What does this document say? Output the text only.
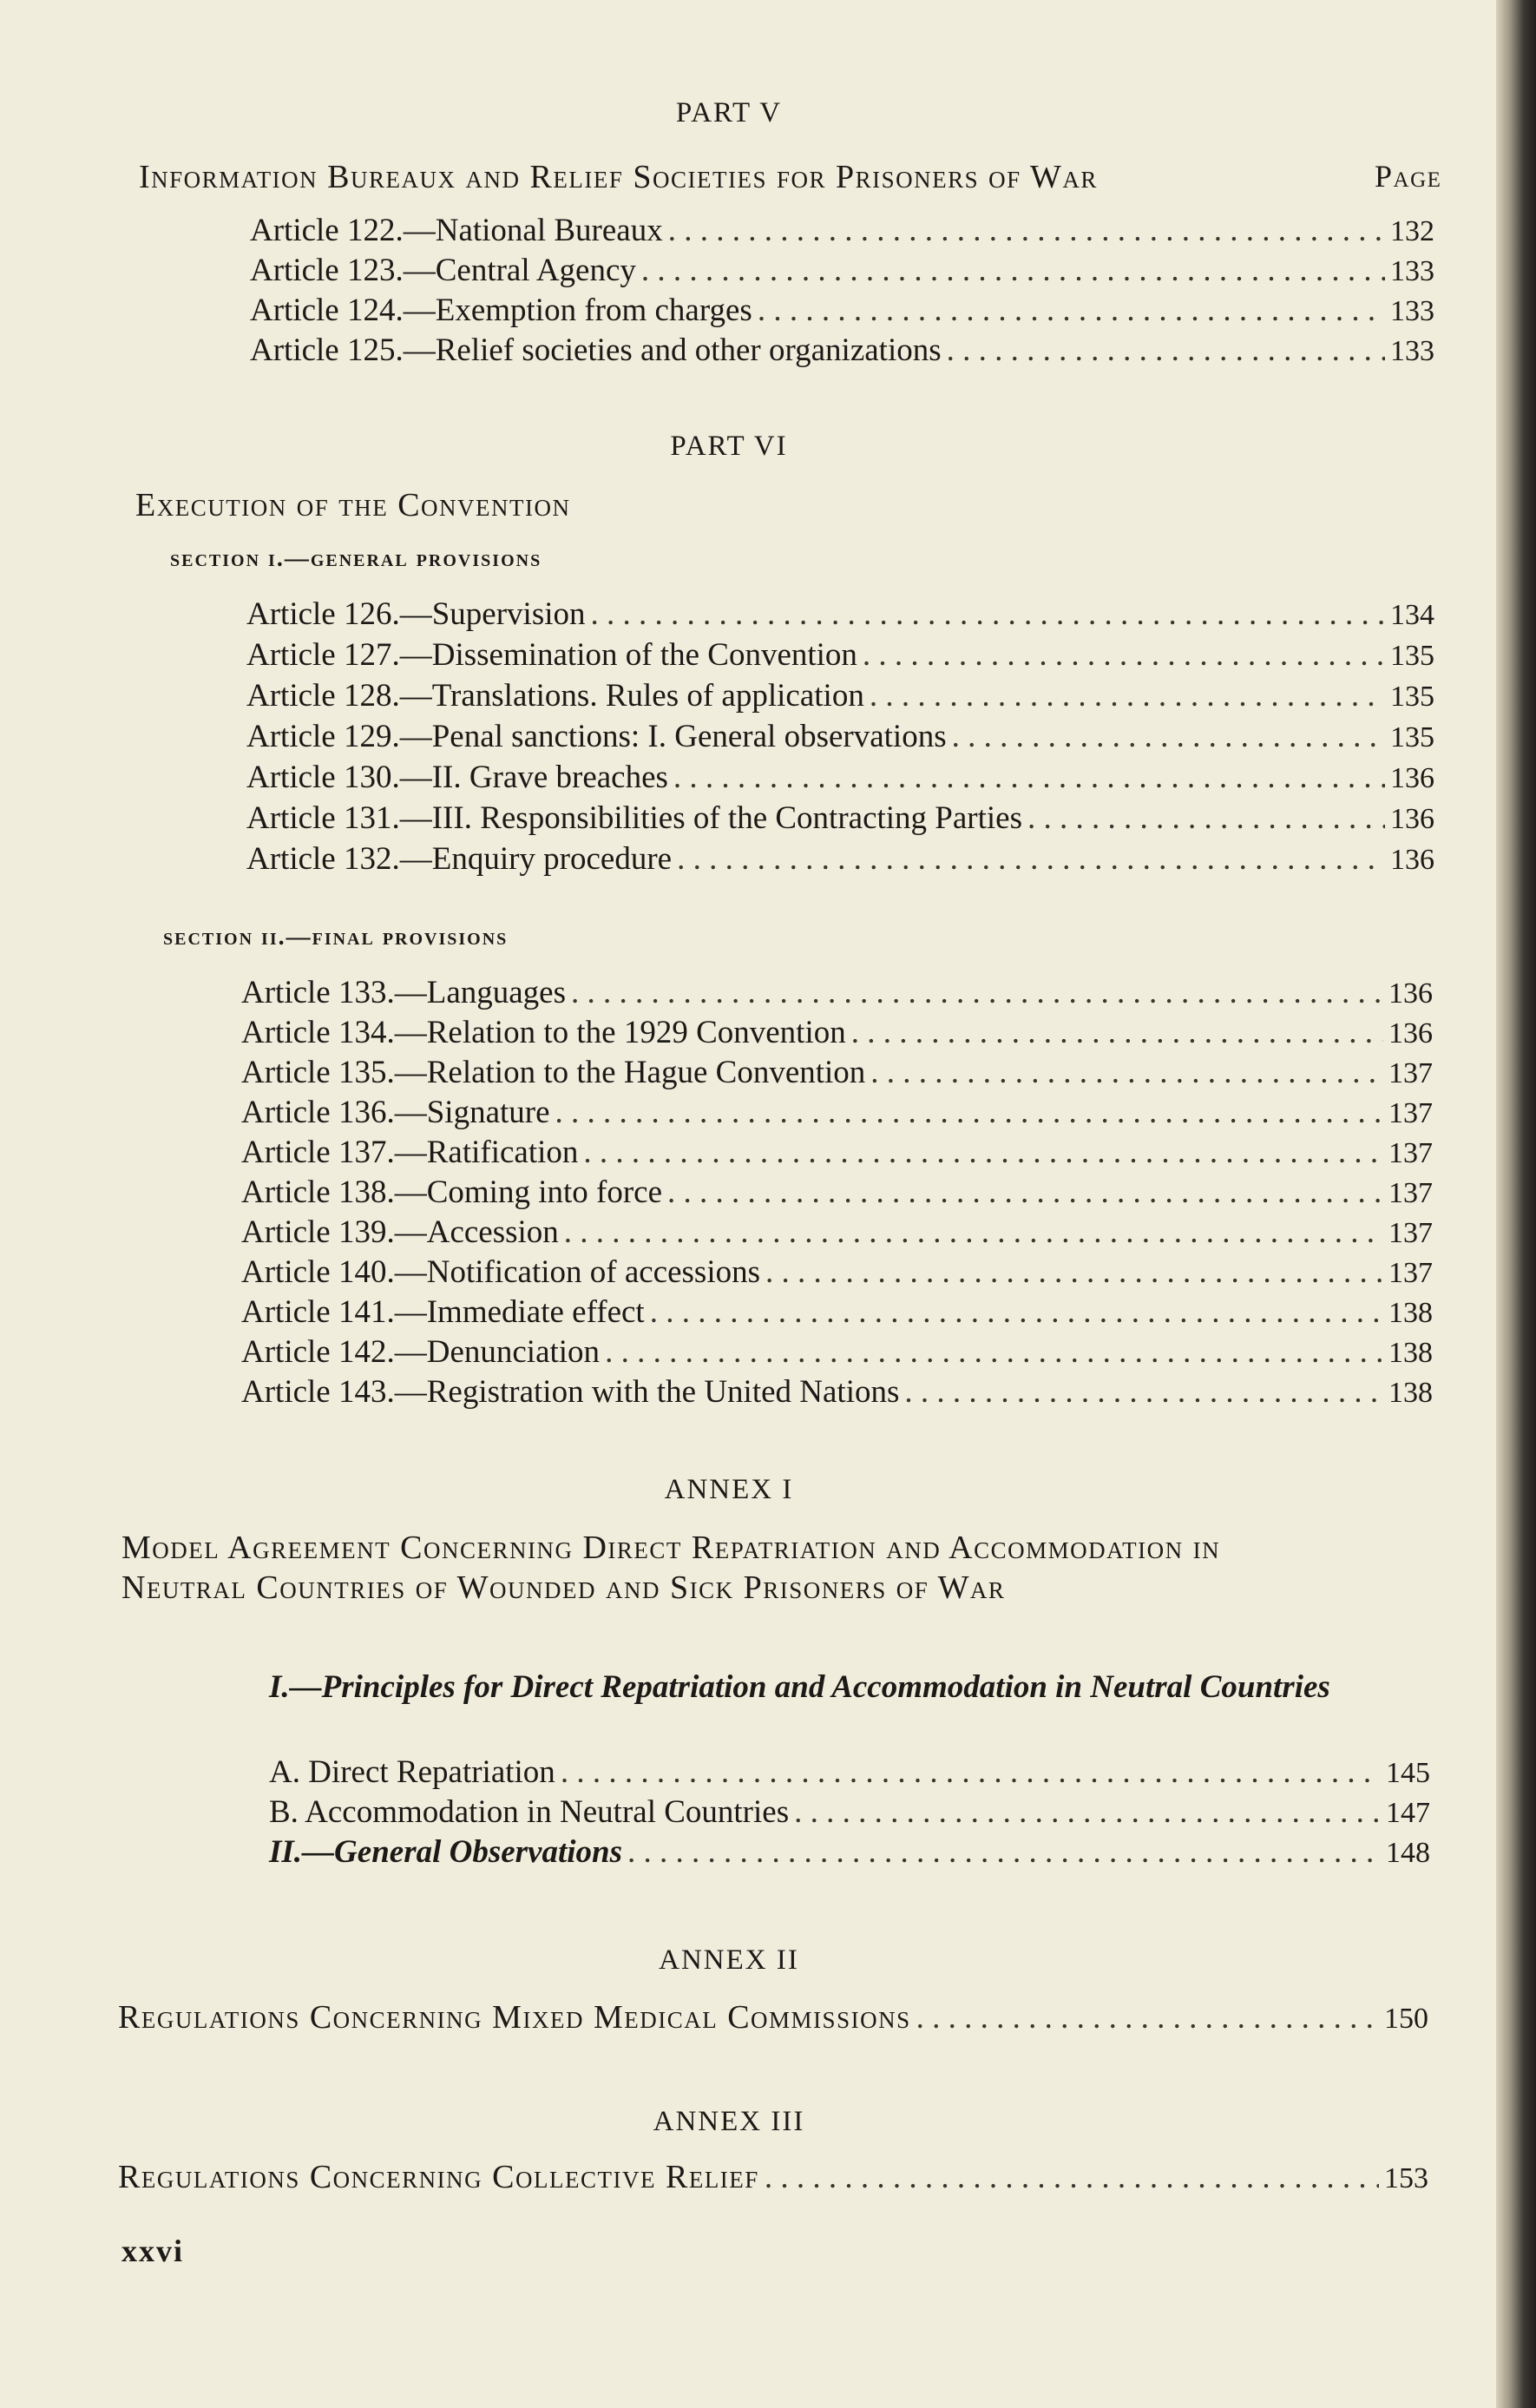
PART V
Information Bureaux and Relief Societies for Prisoners of War	Page
Article 122.—National Bureaux . . .	132
Article 123.—Central Agency . . .	133
Article 124.—Exemption from charges . . .	133
Article 125.—Relief societies and other organizations . . .	133
PART VI
Execution of the Convention
section i.—general provisions
Article 126.—Supervision . . .	134
Article 127.—Dissemination of the Convention . . .	135
Article 128.—Translations. Rules of application . . .	135
Article 129.—Penal sanctions: I. General observations . . .	135
Article 130.—II. Grave breaches . . .	136
Article 131.—III. Responsibilities of the Contracting Parties . . .	136
Article 132.—Enquiry procedure . . .	136
section ii.—final provisions
Article 133.—Languages . . .	136
Article 134.—Relation to the 1929 Convention . . .	136
Article 135.—Relation to the Hague Convention . . .	137
Article 136.—Signature . . .	137
Article 137.—Ratification . . .	137
Article 138.—Coming into force . . .	137
Article 139.—Accession . . .	137
Article 140.—Notification of accessions . . .	137
Article 141.—Immediate effect . . .	138
Article 142.—Denunciation . . .	138
Article 143.—Registration with the United Nations . . .	138
ANNEX I
Model Agreement Concerning Direct Repatriation and Accommodation in Neutral Countries of Wounded and Sick Prisoners of War
I.—Principles for Direct Repatriation and Accommodation in Neutral Countries
A. Direct Repatriation . . .	145
B. Accommodation in Neutral Countries . . .	147
II.—General Observations . . .	148
ANNEX II
Regulations Concerning Mixed Medical Commissions . . .	150
ANNEX III
Regulations Concerning Collective Relief . . .	153
xxvi
